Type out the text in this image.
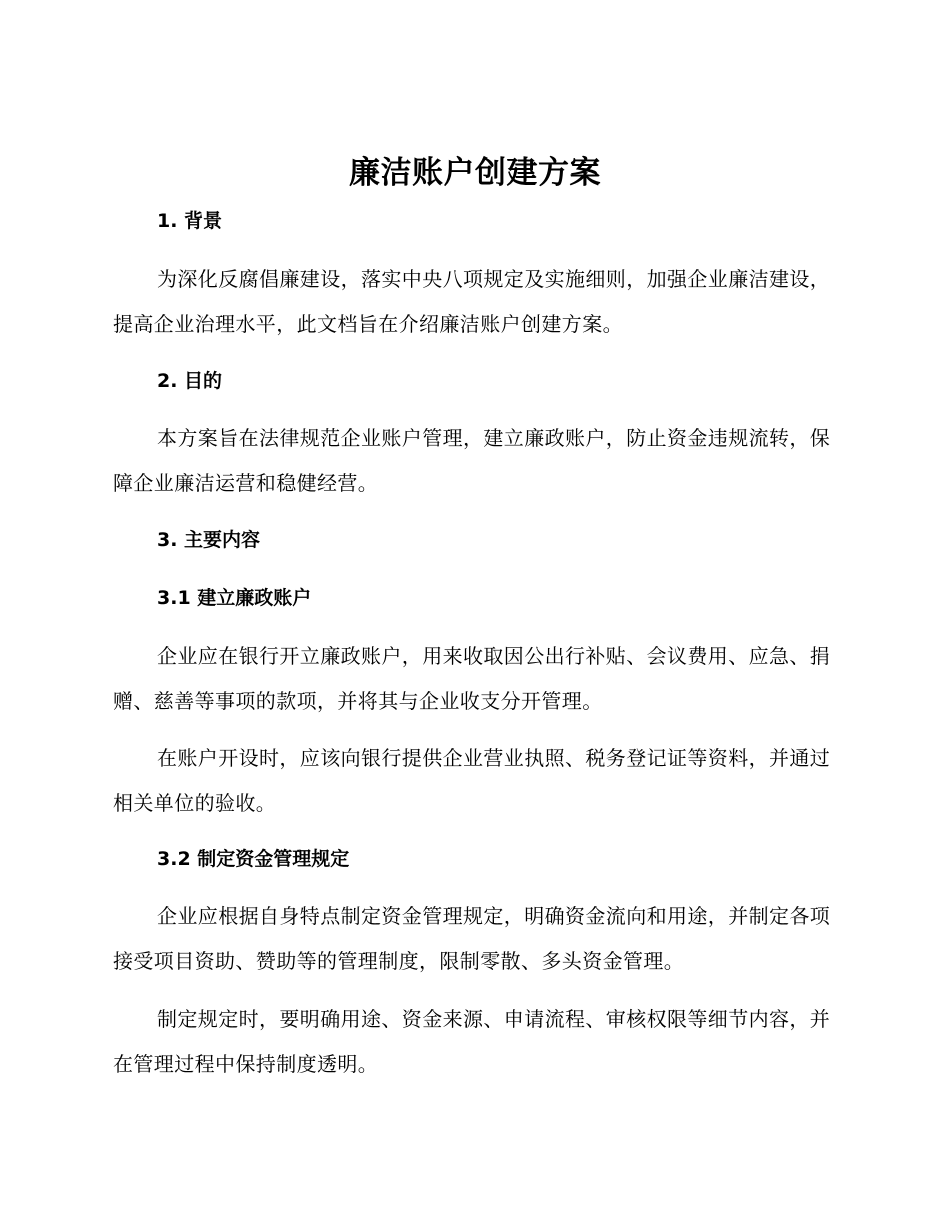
廉洁账户创建方案
1. 背景
为深化反腐倡廉建设，落实中央八项规定及实施细则，加强企业廉洁建设，提高企业治理水平，此文档旨在介绍廉洁账户创建方案。
2. 目的
本方案旨在法律规范企业账户管理，建立廉政账户，防止资金违规流转，保障企业廉洁运营和稳健经营。
3. 主要内容
3.1 建立廉政账户
企业应在银行开立廉政账户，用来收取因公出行补贴、会议费用、应急、捐赠、慈善等事项的款项，并将其与企业收支分开管理。
在账户开设时，应该向银行提供企业营业执照、税务登记证等资料，并通过相关单位的验收。
3.2 制定资金管理规定
企业应根据自身特点制定资金管理规定，明确资金流向和用途，并制定各项接受项目资助、赞助等的管理制度，限制零散、多头资金管理。
制定规定时，要明确用途、资金来源、申请流程、审核权限等细节内容，并在管理过程中保持制度透明。
